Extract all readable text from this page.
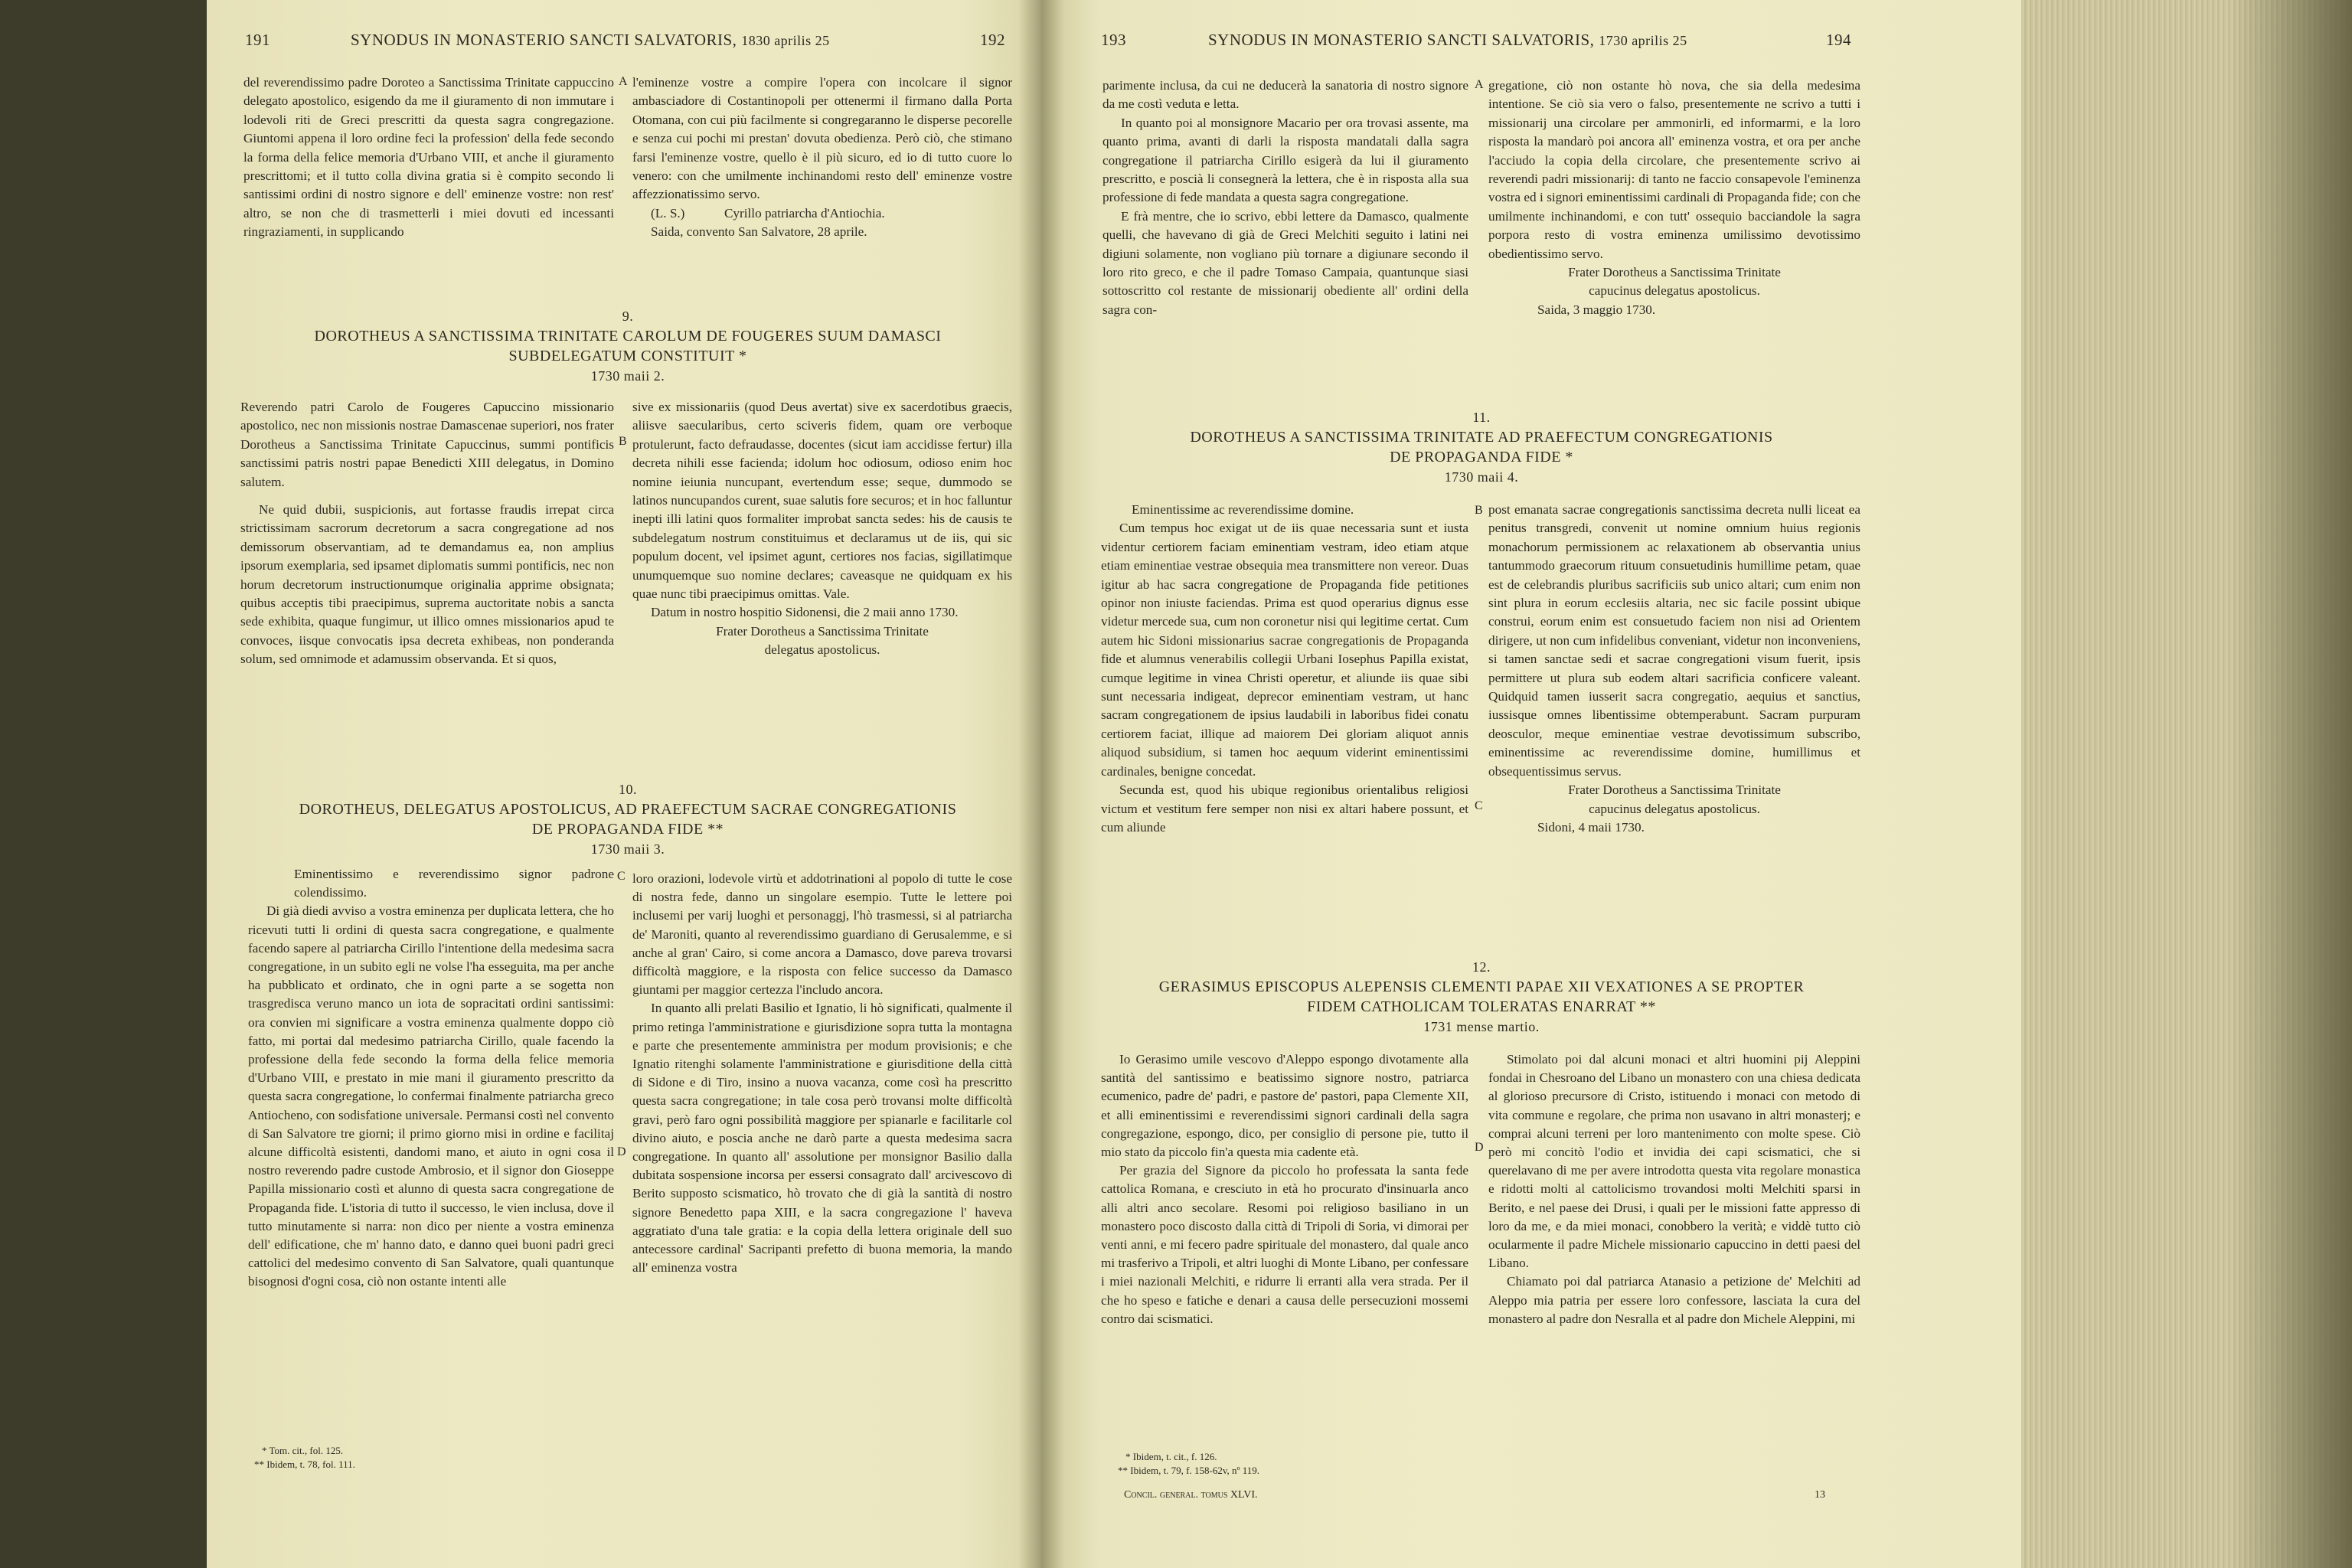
191	SYNODUS IN MONASTERIO SANCTI SALVATORIS, 1830 aprilis 25	192

del reverendissimo padre Doroteo a Sanctissima Trinitate cappuccino delegato apostolico, esigendo da me il giuramento di non immutare i lodevoli riti de Greci prescritti da questa sagra congregazione. Giuntomi appena il loro ordine feci la profession' della fede secondo la forma della felice memoria d'Urbano VIII, et anche il giuramento prescrittomi; et il tutto colla divina gratia si è compito secondo li santissimi ordini di nostro signore e dell' eminenze vostre: non rest' altro, se non che di trasmetterli i miei dovuti ed incessanti ringraziamenti, in supplicando

A l'eminenze vostre a compire l'opera con incolcare il signor ambasciadore di Costantinopoli per ottenermi il firmano dalla Porta Otomana, con cui più facilmente si congregaranno le disperse pecorelle e senza cui pochi mi prestan' dovuta obedienza. Però ciò, che stimano farsi l'eminenze vostre, quello è il più sicuro, ed io di tutto cuore lo venero: con che umilmente inchinandomi resto dell' eminenze vostre affezzionatissimo servo.

(L. S.)            Cyrillo patriarcha d'Antiochia.

Saida, convento San Salvatore, 28 aprile.

9.
DOROTHEUS A SANCTISSIMA TRINITATE CAROLUM DE FOUGERES SUUM DAMASCI
SUBDELEGATUM CONSTITUIT *
1730 maii 2.

Reverendo patri Carolo de Fougeres Capuccino missionario apostolico, nec non missionis nostrae Damascenae superiori, nos frater Dorotheus a Sanctissima Trinitate Capuccinus, summi pontificis sanctissimi patris nostri papae Benedicti XIII delegatus, in Domino salutem.

Ne quid dubii, suspicionis, aut fortasse fraudis irrepat circa strictissimam sacrorum decretorum a sacra congregatione ad nos demissorum observantiam, ad te demandamus ea, non amplius ipsorum exemplaria, sed ipsamet diplomatis summi pontificis, nec non horum decretorum instructionumque originalia apprime obsignata; quibus acceptis tibi praecipimus, suprema auctoritate nobis a sancta sede exhibita, quaque fungimur, ut illico omnes missionarios apud te convoces, iisque convocatis ipsa decreta exhibeas, non ponderanda solum, sed omnimode et adamussim observanda. Et si quos,

B

sive ex missionariis (quod Deus avertat) sive ex sacerdotibus graecis, aliisve saecularibus, certo sciveris fidem, quam ore verboque protulerunt, facto defraudasse, docentes (sicut iam accidisse fertur) illa decreta nihili esse facienda; idolum hoc odiosum, odioso enim hoc nomine ieiunia nuncupant, evertendum esse; seque, dummodo se latinos nuncupandos curent, suae salutis fore securos; et in hoc falluntur inepti illi latini quos formaliter improbat sancta sedes: his de causis te subdelegatum nostrum constituimus et declaramus ut de iis, qui sic populum docent, vel ipsimet agunt, certiores nos facias, sigillatimque unumquemque suo nomine declares; caveasque ne quidquam ex his quae nunc tibi praecipimus omittas. Vale.

Datum in nostro hospitio Sidonensi, die 2 maii anno 1730.

Frater Dorotheus a Sanctissima Trinitate

delegatus apostolicus.

10.
DOROTHEUS, DELEGATUS APOSTOLICUS, AD PRAEFECTUM SACRAE CONGREGATIONIS
DE PROPAGANDA FIDE **
1730 maii 3.

Eminentissimo e reverendissimo signor padrone colendissimo.

Di già diedi avviso a vostra eminenza per duplicata lettera, che ho ricevuti tutti li ordini di questa sacra congregatione, e qualmente facendo sapere al patriarcha Cirillo l'intentione della medesima sacra congregatione, in un subito egli ne volse l'ha esseguita, ma per anche ha pubblicato et ordinato, che in ogni parte a se sogetta non trasgredisca veruno manco un iota de sopracitati ordini santissimi: ora convien mi significare a vostra eminenza qualmente doppo ciò fatto, mi portai dal medesimo patriarcha Cirillo, quale facendo la professione della fede secondo la forma della felice memoria d'Urbano VIII, e prestato in mie mani il giuramento prescritto da questa sacra congregatione, lo confermai finalmente patriarcha greco Antiocheno, con sodisfatione universale. Permansi costì nel convento di San Salvatore tre giorni; il primo giorno misi in ordine e facilitaj alcune difficoltà esistenti, dandomi mano, et aiuto in ogni cosa il nostro reverendo padre custode Ambrosio, et il signor don Gioseppe Papilla missionario costì et alunno di questa sacra congregatione de Propaganda fide. L'istoria di tutto il successo, le vien inclusa, dove il tutto minutamente si narra: non dico per niente a vostra eminenza dell' edificatione, che m' hanno dato, e danno quei buoni padri greci cattolici del medesimo convento di San Salvatore, quali quantunque bisognosi d'ogni cosa, ciò non ostante intenti alle

C
D

loro orazioni, lodevole virtù et addotrinationi al popolo di tutte le cose di nostra fede, danno un singolare esempio. Tutte le lettere poi inclusemi per varij luoghi et personaggj, l'hò trasmessi, si al patriarcha de' Maroniti, quanto al reverendissimo guardiano di Gerusalemme, e si anche al gran' Cairo, si come ancora a Damasco, dove pareva trovarsi difficoltà maggiore, e la risposta con felice successo da Damasco giuntami per maggior certezza l'includo ancora.

In quanto alli prelati Basilio et Ignatio, li hò significati, qualmente il primo retinga l'amministratione e giurisdizione sopra tutta la montagna e parte che presentemente amministra per modum provisionis; e che Ignatio ritenghi solamente l'amministratione e giurisditione della città di Sidone e di Tiro, insino a nuova vacanza, come così ha prescritto questa sacra congregatione; in tale cosa però trovansi molte difficoltà gravi, però faro ogni possibilità maggiore per spianarle e facilitarle col divino aiuto, e poscia anche ne darò parte a questa medesima sacra congregatione. In quanto all' assolutione per monsignor Basilio dalla dubitata sospensione incorsa per essersi consagrato dall' arcivescovo di Berito supposto scismatico, hò trovato che di già la santità di nostro signore Benedetto papa XIII, e la sacra congregazione l' haveva aggratiato d'una tale gratia: e la copia della lettera originale dell suo antecessore cardinal' Sacripanti prefetto di buona memoria, la mando all' eminenza vostra

* Tom. cit., fol. 125.
** Ibidem, t. 78, fol. 111.
193	SYNODUS IN MONASTERIO SANCTI SALVATORIS, 1730 aprilis 25	194

parimente inclusa, da cui ne deducerà la sanatoria di nostro signore da me costì veduta e letta.

In quanto poi al monsignore Macario per ora trovasi assente, ma quanto prima, avanti di darli la risposta mandatali dalla sagra congregatione il patriarcha Cirillo esigerà da lui il giuramento prescritto, e poscià li consegnerà la lettera, che è in risposta alla sua professione di fede mandata a questa sagra congregatione.

E frà mentre, che io scrivo, ebbi lettere da Damasco, qualmente quelli, che havevano di già de Greci Melchiti seguito i latini nei digiuni solamente, non vogliano più tornare a digiunare secondo il loro rito greco, e che il padre Tomaso Campaia, quantunque siasi sottoscritto col restante de missionarij obediente all' ordini della sagra con-

A gregatione, ciò non ostante hò nova, che sia della medesima intentione. Se ciò sia vero o falso, presentemente ne scrivo a tutti i missionarij una circolare per ammonirli, ed informarmi, e la loro risposta la mandarò poi ancora all' eminenza vostra, et ora per anche l'acciudo la copia della circolare, che presentemente scrivo ai reverendi padri missionarij: di tanto ne faccio consapevole l'eminenza vostra ed i signori eminentissimi cardinali di Propaganda fide; con che umilmente inchinandomi, e con tutt' ossequio bacciandole la sagra porpora resto di vostra eminenza umilissimo devotissimo obedientissimo servo.

Frater Dorotheus a Sanctissima Trinitate

capucinus delegatus apostolicus.

Saida, 3 maggio 1730.

11.
DOROTHEUS A SANCTISSIMA TRINITATE AD PRAEFECTUM CONGREGATIONIS
DE PROPAGANDA FIDE *
1730 maii 4.

Eminentissime ac reverendissime domine.

Cum tempus hoc exigat ut de iis quae necessaria sunt et iusta videntur certiorem faciam eminentiam vestram, ideo etiam atque etiam eminentiae vestrae obsequia mea transmittere non vereor. Duas igitur ab hac sacra congregatione de Propaganda fide petitiones opinor non iniuste faciendas. Prima est quod operarius dignus esse videtur mercede sua, cum non coronetur nisi qui legitime certat. Cum autem hic Sidoni missionarius sacrae congregationis de Propaganda fide et alumnus venerabilis collegii Urbani Iosephus Papilla existat, cumque legitime in vinea Christi operetur, et aliunde iis quae sibi sunt necessaria indigeat, deprecor eminentiam vestram, ut hanc sacram congregationem de ipsius laudabili in laboribus fidei conatu certiorem faciat, illique ad maiorem Dei gloriam aliquot annis aliquod subsidium, si tamen hoc aequum viderint eminentissimi cardinales, benigne concedat.

Secunda est, quod his ubique regionibus orientalibus religiosi victum et vestitum fere semper non nisi ex altari habere possunt, et cum aliunde

B
C

post emanata sacrae congregationis sanctissima decreta nulli liceat ea penitus transgredi, convenit ut nomine omnium huius regionis monachorum permissionem ac relaxationem ab observantia unius tantummodo graecorum rituum consuetudinis humillime petam, quae est de celebrandis pluribus sacrificiis sub unico altari; cum enim non sint plura in eorum ecclesiis altaria, nec sic facile possint ubique construi, eorum enim est consuetudo faciem non nisi ad Orientem dirigere, ut non cum infidelibus conveniant, videtur non inconveniens, si tamen sanctae sedi et sacrae congregationi visum fuerit, ipsis permittere ut plura sub eodem altari sacrificia conficere valeant. Quidquid tamen iusserit sacra congregatio, aequius et sanctius, iussisque omnes libentissime obtemperabunt. Sacram purpuram deosculor, meque eminentiae vestrae devotissimum subscribo, eminentissime ac reverendissime domine, humillimus et obsequentissimus servus.

Frater Dorotheus a Sanctissima Trinitate

capucinus delegatus apostolicus.

Sidoni, 4 maii 1730.

12.
GERASIMUS EPISCOPUS ALEPENSIS CLEMENTI PAPAE XII VEXATIONES A SE PROPTER
FIDEM CATHOLICAM TOLERATAS ENARRAT **
1731 mense martio.

Io Gerasimo umile vescovo d'Aleppo espongo divotamente alla santità del santissimo e beatissimo signore nostro, patriarca ecumenico, padre de' padri, e pastore de' pastori, papa Clemente XII, et alli eminentissimi e reverendissimi signori cardinali della sagra congregazione, espongo, dico, per consiglio di persone pie, tutto il mio stato da piccolo fin'a questa mia cadente età.

Per grazia del Signore da piccolo ho professata la santa fede cattolica Romana, e cresciuto in età ho procurato d'insinuarla anco alli altri anco secolare. Resomi poi religioso basiliano in un monastero poco discosto dalla città di Tripoli di Soria, vi dimorai per venti anni, e mi fecero padre spirituale del monastero, dal quale anco mi trasferivo a Tripoli, et altri luoghi di Monte Libano, per confessare i miei nazionali Melchiti, e ridurre li erranti alla vera strada. Per il che ho speso e fatiche e denari a causa delle persecuzioni mossemi contro dai scismatici.

D

Stimolato poi dal alcuni monaci et altri huomini pij Aleppini fondai in Chesroano del Libano un monastero con una chiesa dedicata al glorioso precursore di Cristo, istituendo i monaci con metodo di vita commune e regolare, che prima non usavano in altri monasterj; e comprai alcuni terreni per loro mantenimento con molte spese. Ciò però mi concitò l'odio et invidia dei capi scismatici, che si querelavano di me per avere introdotta questa vita regolare monastica e ridotti molti al cattolicismo trovandosi molti Melchiti sparsi in Berito, e nel paese dei Drusi, i quali per le missioni fatte appresso di loro da me, e da miei monaci, conobbero la verità; e viddè tutto ciò ocularmente il padre Michele missionario capuccino in detti paesi del Libano.

Chiamato poi dal patriarca Atanasio a petizione de' Melchiti ad Aleppo mia patria per essere loro confessore, lasciata la cura del monastero al padre don Nesralla et al padre don Michele Aleppini, mi

* Ibidem, t. cit., f. 126.
** Ibidem, t. 79, f. 158-62v, nº 119.
Concil. general. tomus XLVI.	13
